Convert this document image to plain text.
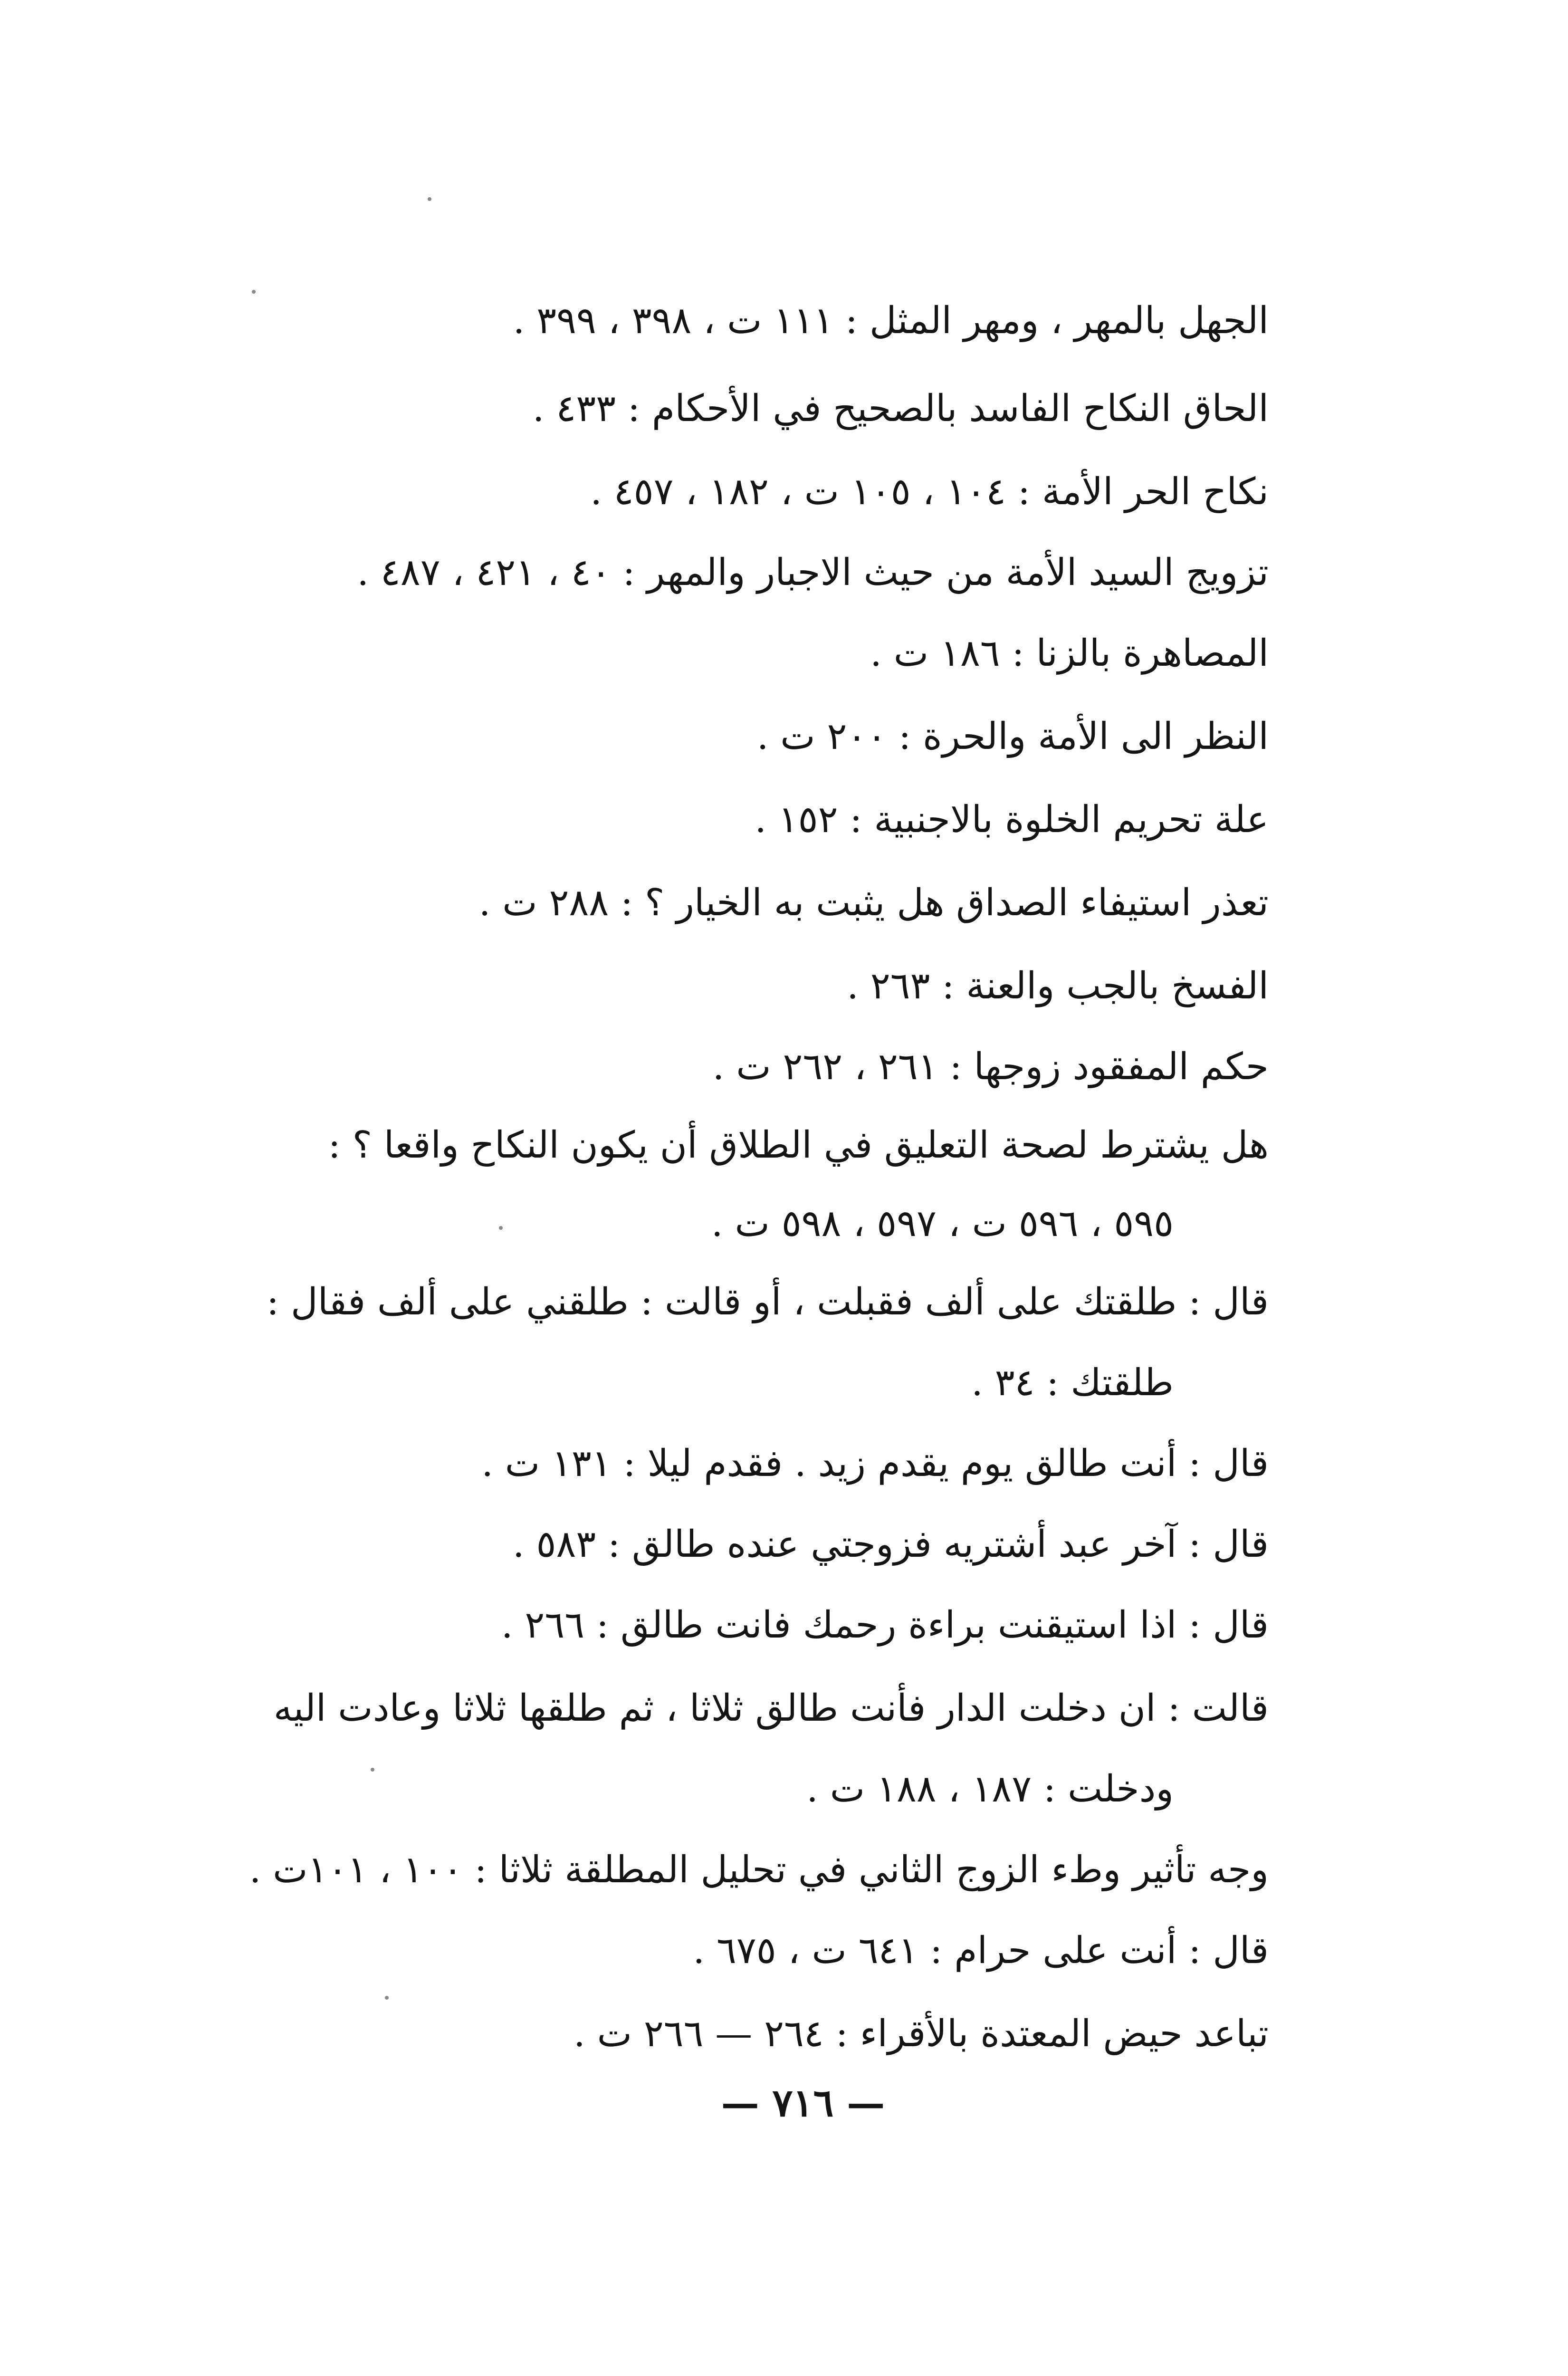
الجهل بالمهر ، ومهر المثل : ١١١ ت ، ٣٩٨ ، ٣٩٩ .
الحاق النكاح الفاسد بالصحيح في الأحكام : ٤٣٣ .
نكاح الحر الأمة : ١٠٤ ، ١٠٥ ت ، ١٨٢ ، ٤٥٧ .
تزويج السيد الأمة من حيث الاجبار والمهر : ٤٠ ، ٤٢١ ، ٤٨٧ .
المصاهرة بالزنا : ١٨٦ ت .
النظر الى الأمة والحرة : ٢٠٠ ت .
علة تحريم الخلوة بالاجنبية : ١٥٢ .
تعذر استيفاء الصداق هل يثبت به الخيار ؟ : ٢٨٨ ت .
الفسخ بالجب والعنة : ٢٦٣ .
حكم المفقود زوجها : ٢٦١ ، ٢٦٢ ت .
هل يشترط لصحة التعليق في الطلاق أن يكون النكاح واقعا ؟ :
٥٩٥ ، ٥٩٦ ت ، ٥٩٧ ، ٥٩٨ ت .
قال : طلقتك على ألف فقبلت ، أو قالت : طلقني على ألف فقال :
طلقتك : ٣٤ .
قال : أنت طالق يوم يقدم زيد . فقدم ليلا : ١٣١ ت .
قال : آخر عبد أشتريه فزوجتي عنده طالق : ٥٨٣ .
قال : اذا استيقنت براءة رحمك فانت طالق : ٢٦٦ .
قالت : ان دخلت الدار فأنت طالق ثلاثا ، ثم طلقها ثلاثا وعادت اليه
ودخلت : ١٨٧ ، ١٨٨ ت .
وجه تأثير وطء الزوج الثاني في تحليل المطلقة ثلاثا : ١٠٠ ، ١٠١ت .
قال : أنت على حرام : ٦٤١ ت ، ٦٧٥ .
تباعد حيض المعتدة بالأقراء : ٢٦٤ — ٢٦٦ ت .
— ٧١٦ —
